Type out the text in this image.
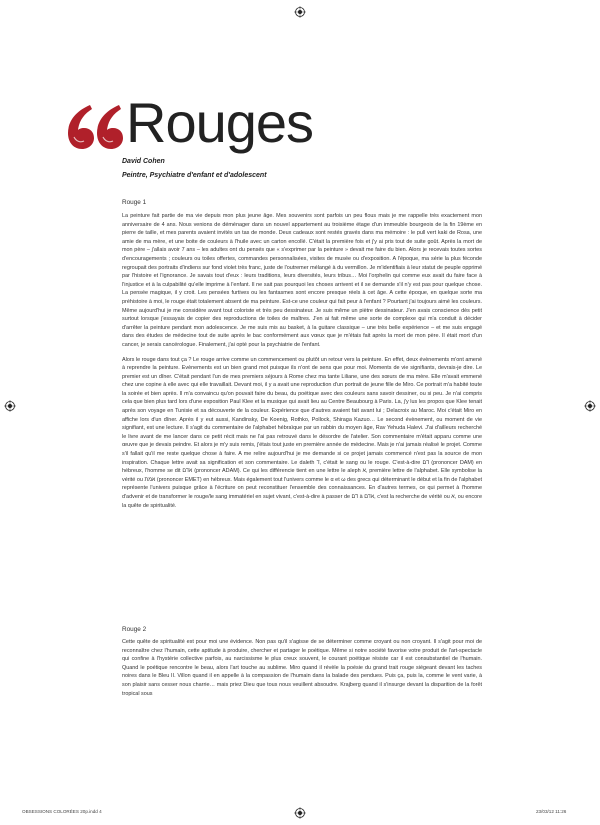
Rouges
David Cohen
Peintre, Psychiatre d'enfant et d'adolescent
Rouge 1

La peinture fait partie de ma vie depuis mon plus jeune âge. Mes souvenirs sont parfois un peu flous mais je me rappelle très exactement mon anniversaire de 4 ans. Nous venions de déménager dans un nouvel appartement au troisième étage d'un immeuble bourgeois de la fin 19ème en pierre de taille, et mes parents avaient invités un tas de monde. Deux cadeaux sont restés gravés dans ma mémoire : le pull vert kaki de Rosa, une amie de ma mère, et une boite de couleurs à l'huile avec un carton encollé. C'était la première fois et j'y ai pris tout de suite goût. Après la mort de mon père – j'allais avoir 7 ans – les adultes ont du pensés que « s'exprimer par la peinture » devait me faire du bien. Alors je recevais toutes sortes d'encouragements ; couleurs ou toiles offertes, commandes personnalisées, visites de musée ou d'exposition. A l'époque, ma série la plus féconde regroupait des portraits d'indiens sur fond violet très franc, juste de l'outremer mélangé à du vermillon. Je m'identifiais à leur statut de peuple opprimé par l'histoire et l'ignorance. Je savais tout d'eux : leurs traditions, leurs diversités, leurs tribus… Moi l'orphelin qui comme eux avait du faire face à l'injustice et à la culpabilité qu'elle imprime à l'enfant. Il ne sait pas pourquoi les choses arrivent et il se demande s'il n'y est pas pour quelque chose. La pensée magique, il y croit. Les pensées furtives ou les fantasmes sont encore presque réels à cet âge. A cette époque, en quelque sorte ma préhistoire à moi, le rouge était totalement absent de ma peinture. Est-ce une couleur qui fait peur à l'enfant ? Pourtant j'ai toujours aimé les couleurs. Même aujourd'hui je me considère avant tout coloriste et très peu dessinateur. Je suis même un piètre dessinateur. J'en avais conscience dès petit surtout lorsque j'essayais de copier des reproductions de toiles de maîtres. J'en ai fait même une sorte de complexe qui m'a conduit à décider d'arrêter la peinture pendant mon adolescence. Je me suis mis au basket, à la guitare classique – une très belle expérience – et me suis engagé dans des études de médecine tout de suite après le bac conformément aux vœux que je m'étais fait après la mort de mon père. Il était mort d'un cancer, je serais cancérologue. Finalement, j'ai opté pour la psychiatrie de l'enfant.

Alors le rouge dans tout ça ? Le rouge arrive comme un commencement ou plutôt un retour vers la peinture. En effet, deux évènements m'ont amené à reprendre la peinture. Evènements est un bien grand mot puisque ils n'ont de sens que pour moi. Moments de vie signifiants, devrais-je dire. Le premier est un dîner. C'était pendant l'un de mes premiers séjours à Rome chez ma tante Liliane, une des sœurs de ma mère. Elle m'avait emmené chez une copine à elle avec qui elle travaillait. Devant moi, il y a avait une reproduction d'un portrait de jeune fille de Miro. Ce portrait m'a habité toute la soirée et bien après. Il m'a convaincu qu'on pouvait faire du beau, du poétique avec des couleurs sans savoir dessiner, ou si peu. Je n'ai compris cela que bien plus tard lors d'une exposition Paul Klee et la musique qui avait lieu au Centre Beaubourg à Paris. La, j'y lus les propos que Klee tenait après son voyage en Tunisie et sa découverte de la couleur. Expérience que d'autres avaient fait avant lui ; Delacroix au Maroc. Moi c'était Miro en affiche lors d'un dîner. Après il y eut aussi, Kandinsky, De Koenig, Rothko, Pollock, Shiraga Kazuo… Le second évènement, ou moment de vie signifiant, est une lecture. Il s'agit du commentaire de l'alphabet hébraïque par un rabbin du moyen âge, Rav Yehuda Halevi. J'ai d'ailleurs recherché le livre avant de me lancer dans ce petit récit mais ne l'ai pas retrouvé dans le désordre de l'atelier. Son commentaire m'était apparu comme une œuvre que je devais peindre. Et alors je m'y suis remis, j'étais tout juste en première année de médecine. Mais je n'ai jamais réalisé le projet. Comme s'il fallait qu'il me reste quelque chose à faire. A me relire aujourd'hui je me demande si ce projet jamais commencé n'est pas la source de mon inspiration. Chaque lettre avait sa signification et son commentaire. Le daleth ד, c'était le sang ou le rouge. C'est-à-dire דם (prononcer DAM) en hébreux, l'homme se dit אדם (prononcer ADAM). Ce qui les différencie tient en une lettre le aleph א, première lettre de l'alphabet. Elle symbolise la vérité ou אמת (prononcer EMET) en hébreux. Mais également tout l'univers comme le α et ω des grecs qui déterminant le début et la fin de l'alphabet représente l'univers puisque grâce à l'écriture on peut reconstituer l'ensemble des connaissances. En d'autres termes, ce qui permet à l'homme d'advenir et de transformer le rouge/le sang immatériel en sujet vivant, c'est-à-dire à passer de דם à אדם, c'est la recherche de vérité ou א, ou encore la quête de spiritualité.

Rouge 2

Cette quête de spiritualité est pour moi une évidence. Non pas qu'il s'agisse de se déterminer comme croyant ou non croyant. Il s'agit pour moi de reconnaître chez l'humain, cette aptitude à produire, chercher et partager le poétique. Même si notre société favorise votre produit de l'art-spectacle qui confine à l'hystérie collective parfois, au narcissisme le plus creux souvent, le courant poétique résiste car il est consubstantiel de l'humain. Quand le poétique rencontre le beau, alors l'art touche au sublime. Miro quand il révèle la poésie du grand trait rouge siégeant devant les taches noires dans le Bleu II. Villon quand il en appelle à la compassion de l'humain dans la balade des pendues. Puis ça, puis la, comme le vent varie, à son plaisir sans cesser nous charrie… mais priez Dieu que tous nous veuillent absoudre. Krajberg quand il s'insurge devant la disparition de la forêt tropical sous

OBSESSIONS COLORÉES 20p.indd 4	23/03/12 11:26
